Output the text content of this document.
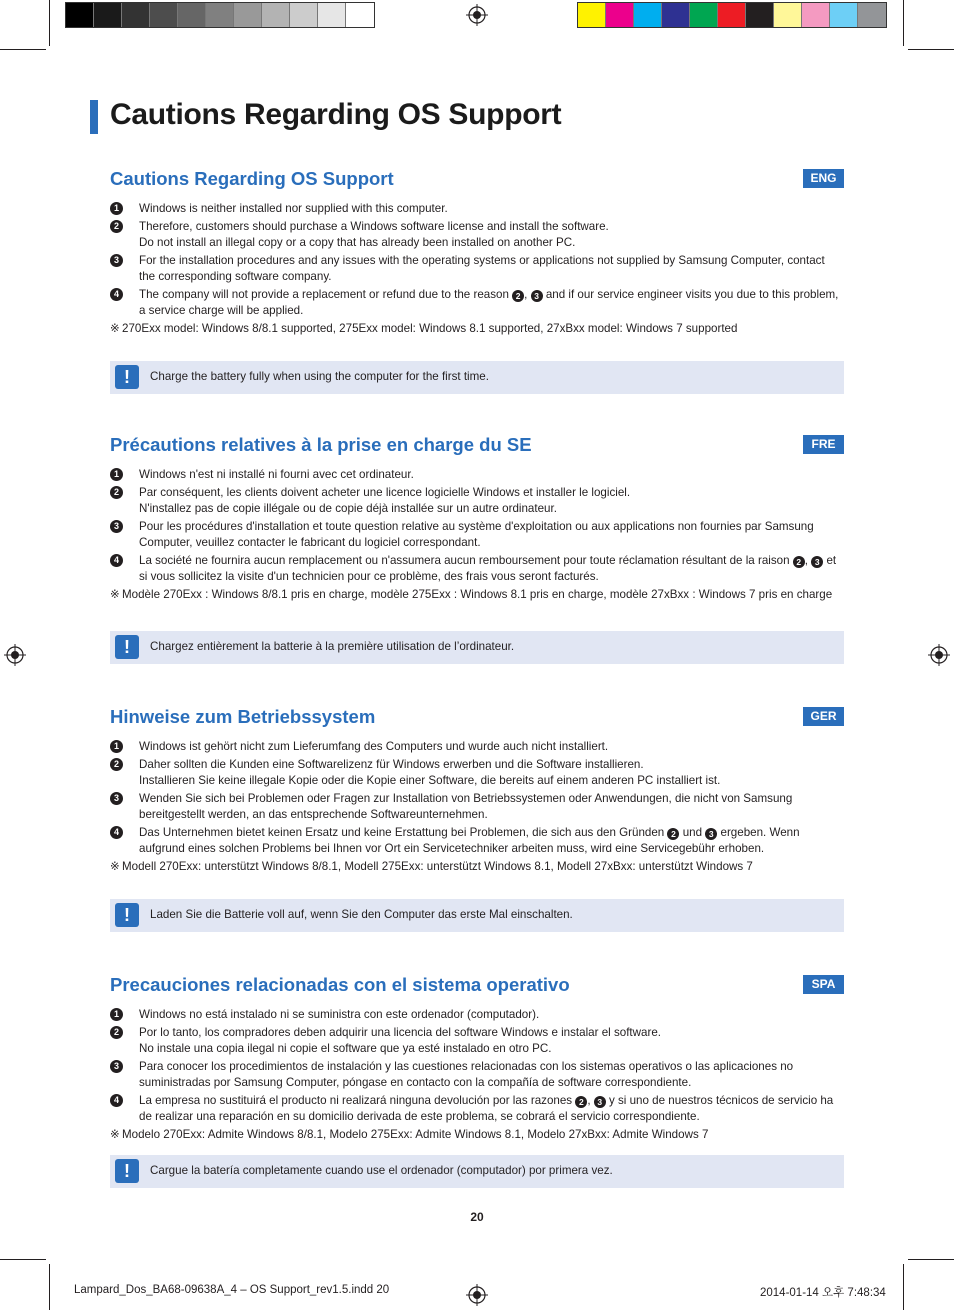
Cautions Regarding OS Support
Cautions Regarding OS Support	ENG
1	Windows is neither installed nor supplied with this computer.
2	Therefore, customers should purchase a Windows software license and install the software.
Do not install an illegal copy or a copy that has already been installed on another PC.
3	For the installation procedures and any issues with the operating systems or applications not supplied by Samsung Computer, contact the corresponding software company.
4	The company will not provide a replacement or refund due to the reason 2 , 3 and if our service engineer visits you due to this problem, a service charge will be applied.
※ 270Exx model: Windows 8/8.1 supported, 275Exx model: Windows 8.1 supported, 27xBxx model: Windows 7 supported
!	Charge the battery fully when using the computer for the first time.
Précautions relatives à la prise en charge du SE	FRE
1	Windows n'est ni installé ni fourni avec cet ordinateur.
2	Par conséquent, les clients doivent acheter une licence logicielle Windows et installer le logiciel.
N'installez pas de copie illégale ou de copie déjà installée sur un autre ordinateur.
3	Pour les procédures d'installation et toute question relative au système d'exploitation ou aux applications non fournies par Samsung Computer, veuillez contacter le fabricant du logiciel correspondant.
4	La société ne fournira aucun remplacement ou n'assumera aucun remboursement pour toute réclamation résultant de la raison 2 , 3 et si vous sollicitez la visite d'un technicien pour ce problème, des frais vous seront facturés.
※ Modèle 270Exx : Windows 8/8.1 pris en charge, modèle 275Exx : Windows 8.1 pris en charge, modèle 27xBxx : Windows 7 pris en charge
!	Chargez entièrement la batterie à la première utilisation de l’ordinateur.
Hinweise zum Betriebssystem	GER
1	Windows ist gehört nicht zum Lieferumfang des Computers und wurde auch nicht installiert.
2	Daher sollten die Kunden eine Softwarelizenz für Windows erwerben und die Software installieren.
Installieren Sie keine illegale Kopie oder die Kopie einer Software, die bereits auf einem anderen PC installiert ist.
3	Wenden Sie sich bei Problemen oder Fragen zur Installation von Betriebssystemen oder Anwendungen, die nicht von Samsung bereitgestellt werden, an das entsprechende Softwareunternehmen.
4	Das Unternehmen bietet keinen Ersatz und keine Erstattung bei Problemen, die sich aus den Gründen 2 und 3 ergeben. Wenn aufgrund eines solchen Problems bei Ihnen vor Ort ein Servicetechniker arbeiten muss, wird eine Servicegebühr erhoben.
※ Modell 270Exx: unterstützt Windows 8/8.1, Modell 275Exx: unterstützt Windows 8.1, Modell 27xBxx: unterstützt Windows 7
!	Laden Sie die Batterie voll auf, wenn Sie den Computer das erste Mal einschalten.
Precauciones relacionadas con el sistema operativo	SPA
1	Windows no está instalado ni se suministra con este ordenador (computador).
2	Por lo tanto, los compradores deben adquirir una licencia del software Windows e instalar el software.
No instale una copia ilegal ni copie el software que ya esté instalado en otro PC.
3	Para conocer los procedimientos de instalación y las cuestiones relacionadas con los sistemas operativos o las aplicaciones no suministradas por Samsung Computer, póngase en contacto con la compañía de software correspondiente.
4	La empresa no sustituirá el producto ni realizará ninguna devolución por las razones 2 , 3 y si uno de nuestros técnicos de servicio ha de realizar una reparación en su domicilio derivada de este problema, se cobrará el servicio correspondiente.
※ Modelo 270Exx: Admite Windows 8/8.1, Modelo 275Exx: Admite Windows 8.1, Modelo 27xBxx: Admite Windows 7
!	Cargue la batería completamente cuando use el ordenador (computador) por primera vez.
20
Lampard_Dos_BA68-09638A_4 – OS Support_rev1.5.indd 20	2014-01-14 오후 7:48:34
